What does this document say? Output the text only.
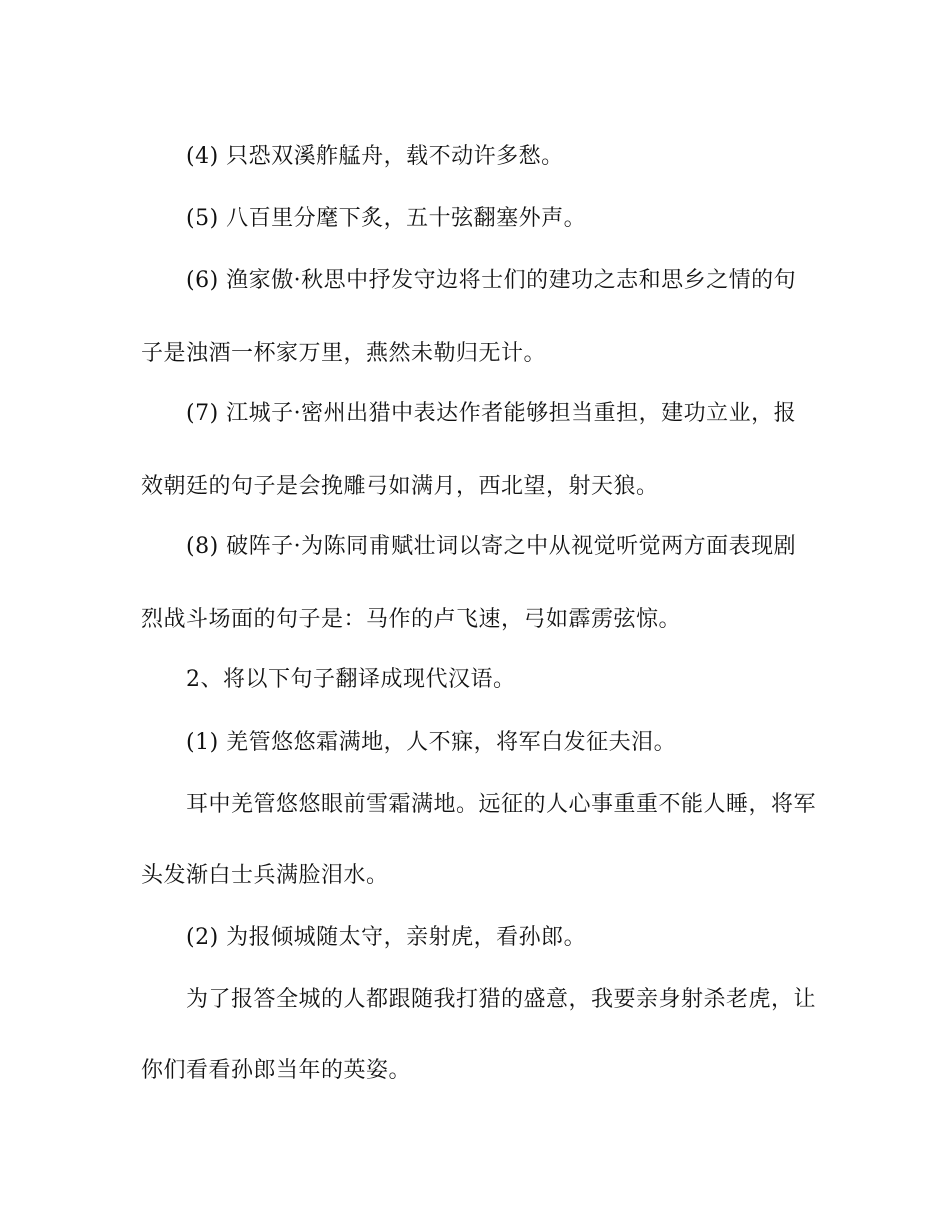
(4) 只恐双溪舴艋舟，载不动许多愁。

(5) 八百里分麾下炙，五十弦翻塞外声。

(6) 渔家傲·秋思中抒发守边将士们的建功之志和思乡之情的句

子是浊酒一杯家万里，燕然未勒归无计。

(7) 江城子·密州出猎中表达作者能够担当重担，建功立业，报

效朝廷的句子是会挽雕弓如满月，西北望，射天狼。

(8) 破阵子·为陈同甫赋壮词以寄之中从视觉听觉两方面表现剧

烈战斗场面的句子是：马作的卢飞速，弓如霹雳弦惊。

2、将以下句子翻译成现代汉语。

(1) 羌管悠悠霜满地，人不寐，将军白发征夫泪。

耳中羌管悠悠眼前雪霜满地。远征的人心事重重不能人睡，将军

头发渐白士兵满脸泪水。

(2) 为报倾城随太守，亲射虎，看孙郎。

为了报答全城的人都跟随我打猎的盛意，我要亲身射杀老虎，让

你们看看孙郎当年的英姿。
